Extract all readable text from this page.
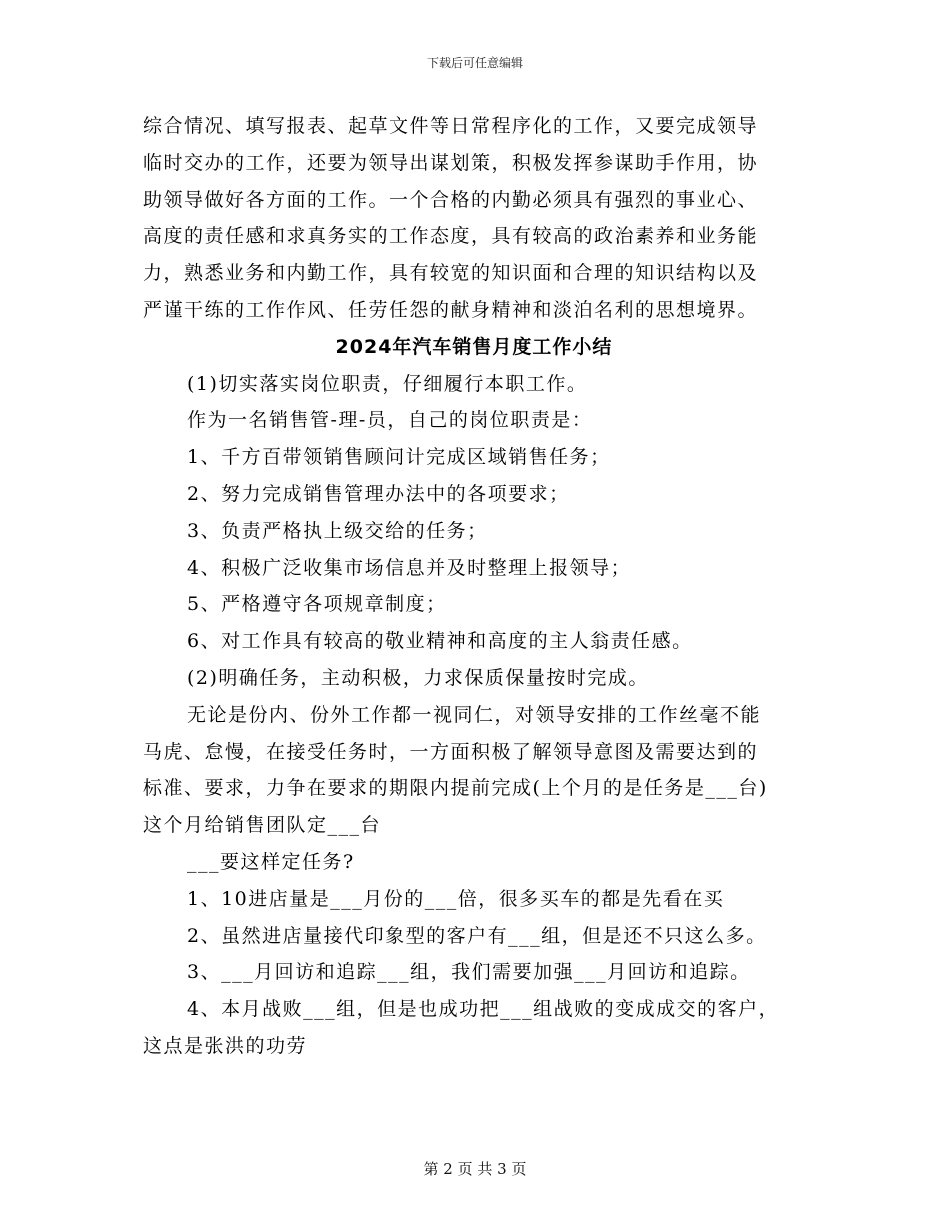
下载后可任意编辑

综合情况、填写报表、起草文件等日常程序化的工作，又要完成领导

临时交办的工作，还要为领导出谋划策，积极发挥参谋助手作用，协

助领导做好各方面的工作。一个合格的内勤必须具有强烈的事业心、

高度的责任感和求真务实的工作态度，具有较高的政治素养和业务能

力，熟悉业务和内勤工作，具有较宽的知识面和合理的知识结构以及

严谨干练的工作作风、任劳任怨的献身精神和淡泊名利的思想境界。

2024年汽车销售月度工作小结

(1)切实落实岗位职责，仔细履行本职工作。

作为一名销售管-理-员，自己的岗位职责是：

1、千方百带领销售顾问计完成区域销售任务；

2、努力完成销售管理办法中的各项要求；

3、负责严格执上级交给的任务；

4、积极广泛收集市场信息并及时整理上报领导；

5、严格遵守各项规章制度；

6、对工作具有较高的敬业精神和高度的主人翁责任感。

(2)明确任务，主动积极，力求保质保量按时完成。

无论是份内、份外工作都一视同仁，对领导安排的工作丝毫不能

马虎、怠慢，在接受任务时，一方面积极了解领导意图及需要达到的

标准、要求，力争在要求的期限内提前完成(上个月的是任务是___台)

这个月给销售团队定___台

___要这样定任务?

1、10进店量是___月份的___倍，很多买车的都是先看在买

2、虽然进店量接代印象型的客户有___组，但是还不只这么多。

3、___月回访和追踪___组，我们需要加强___月回访和追踪。

4、本月战败___组，但是也成功把___组战败的变成成交的客户，

这点是张洪的功劳

第 2 页 共 3 页
